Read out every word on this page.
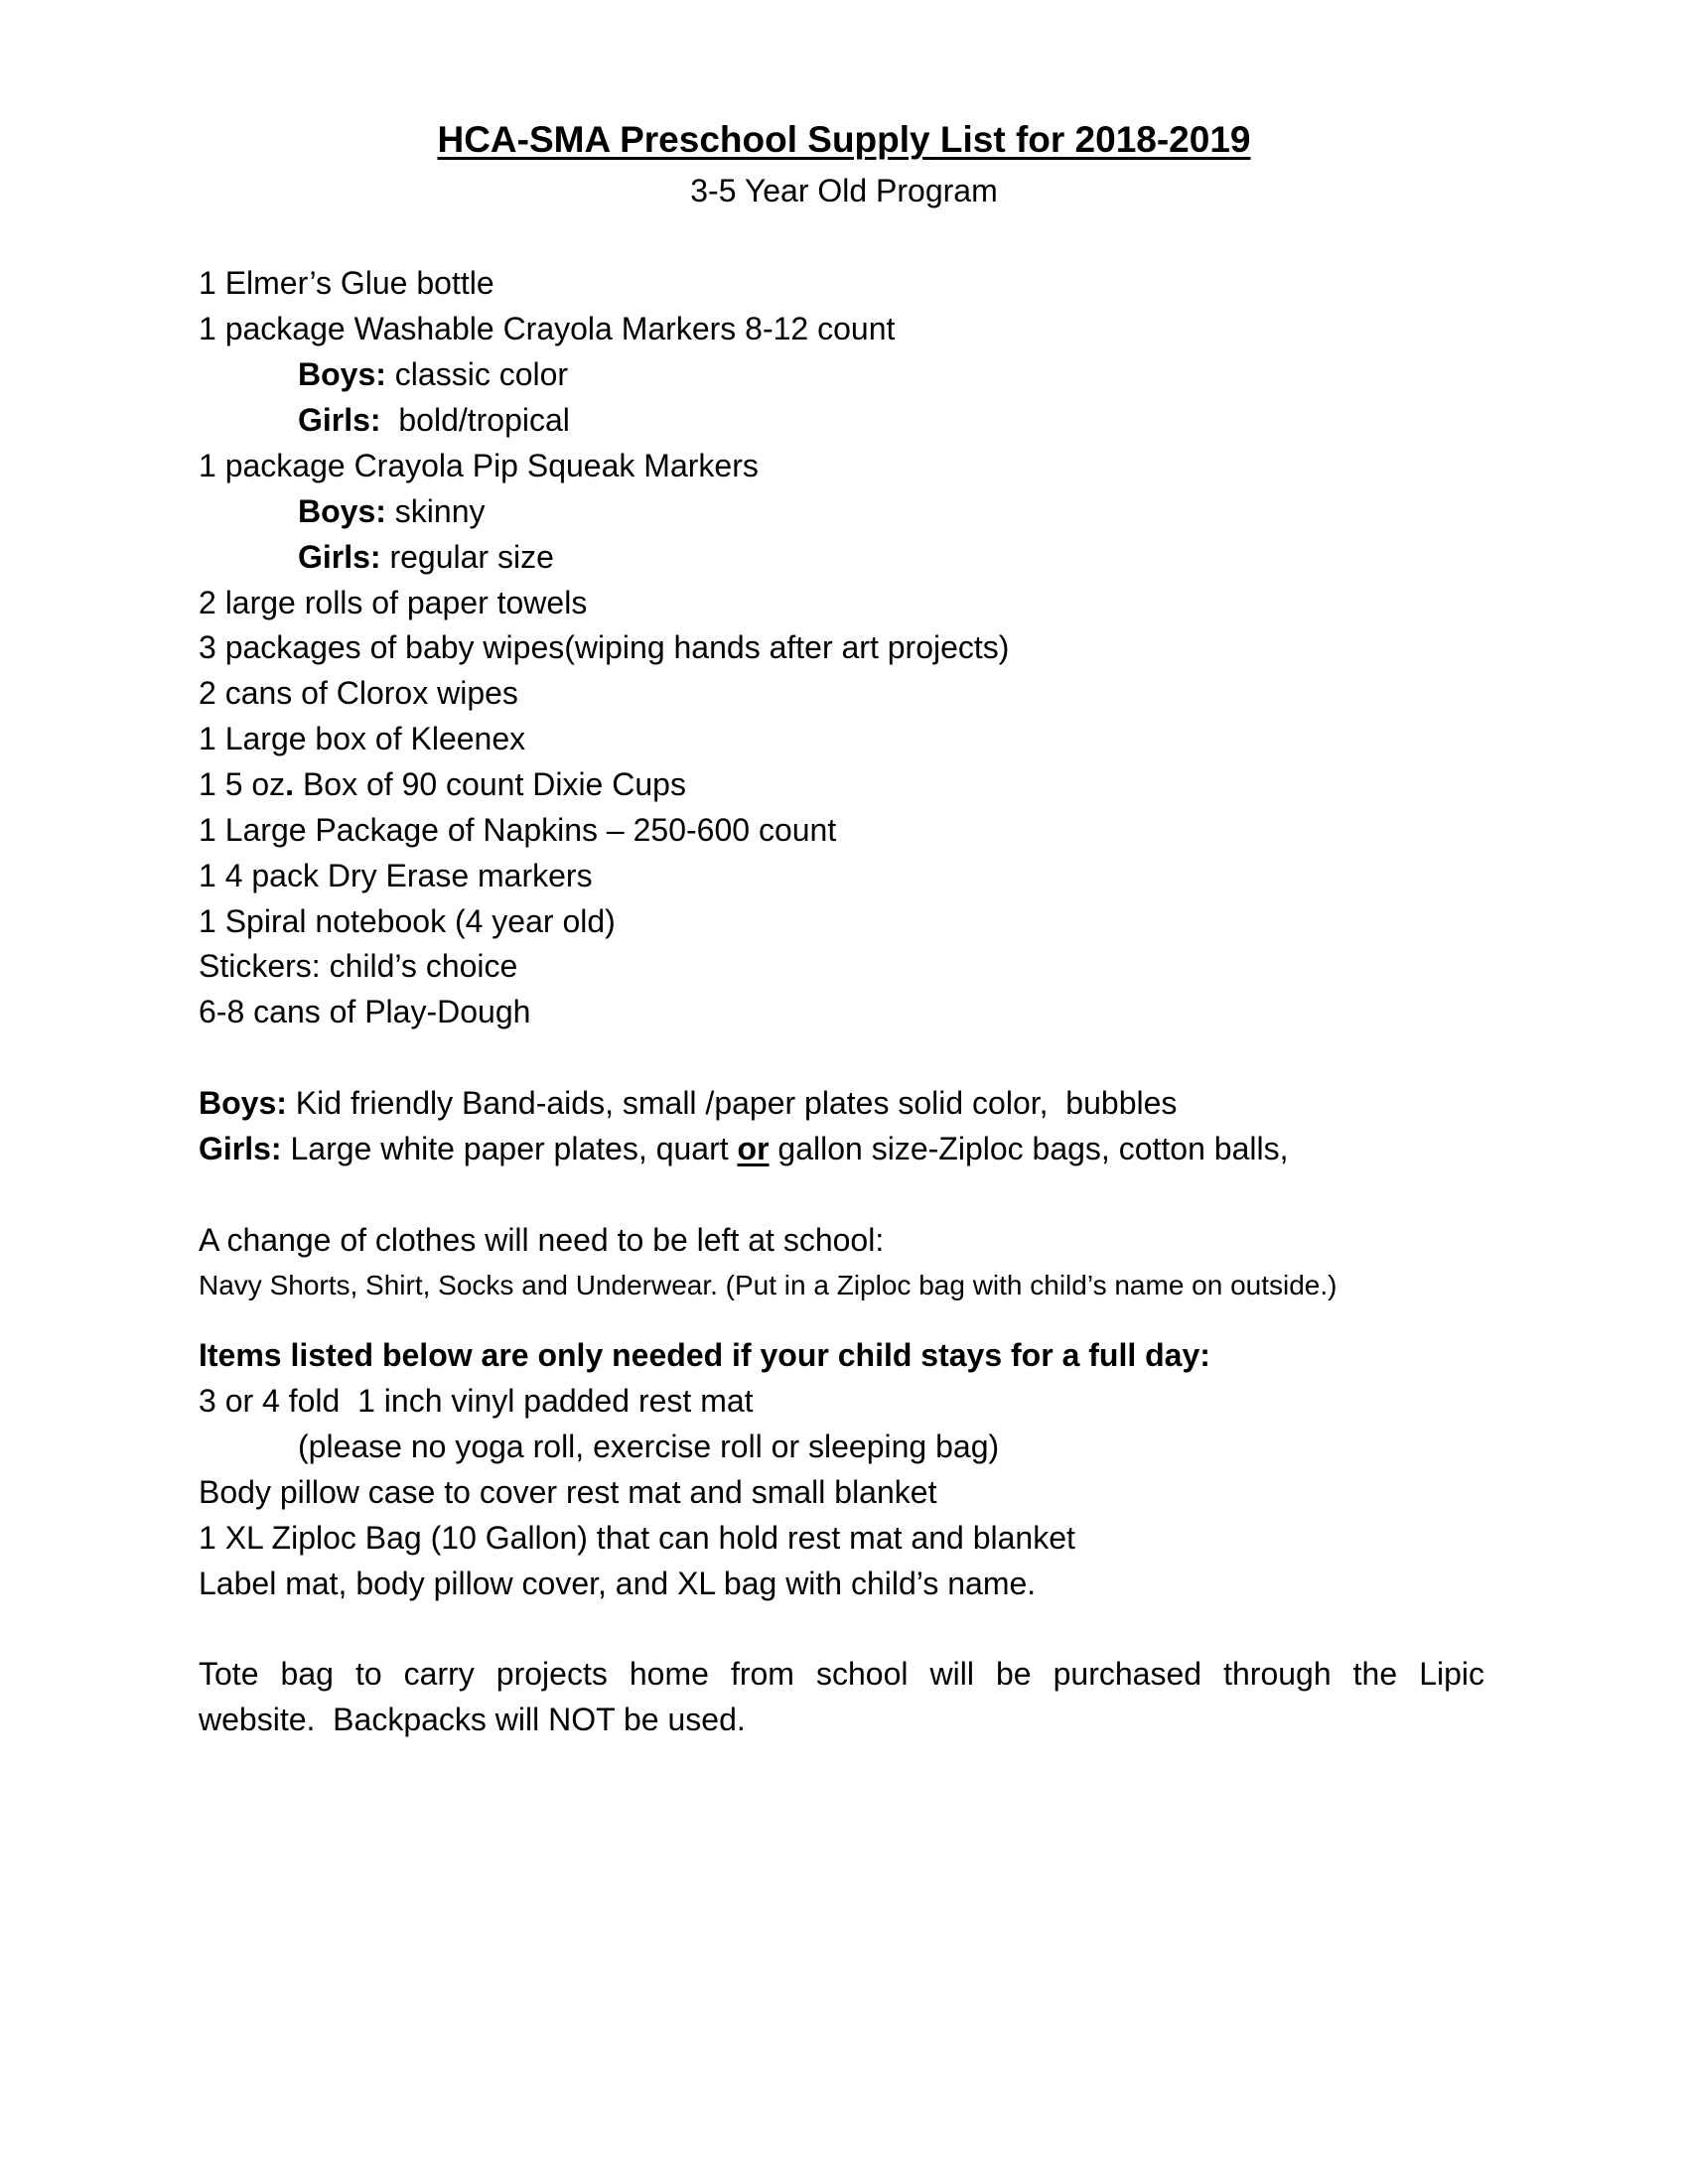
HCA-SMA Preschool Supply List for 2018-2019
3-5 Year Old Program
1 Elmer’s Glue bottle
1 package Washable Crayola Markers 8-12 count
Boys: classic color
Girls:  bold/tropical
1 package Crayola Pip Squeak Markers
Boys: skinny
Girls: regular size
2 large rolls of paper towels
3 packages of baby wipes(wiping hands after art projects)
2 cans of Clorox wipes
1 Large box of Kleenex
1 5 oz. Box of 90 count Dixie Cups
1 Large Package of Napkins – 250-600 count
1 4 pack Dry Erase markers
1 Spiral notebook (4 year old)
Stickers: child’s choice
6-8 cans of Play-Dough
Boys: Kid friendly Band-aids, small /paper plates solid color,  bubbles
Girls: Large white paper plates, quart or gallon size-Ziploc bags, cotton balls,
A change of clothes will need to be left at school:
Navy Shorts, Shirt, Socks and Underwear. (Put in a Ziploc bag with child’s name on outside.)
Items listed below are only needed if your child stays for a full day:
3 or 4 fold  1 inch vinyl padded rest mat
(please no yoga roll, exercise roll or sleeping bag)
Body pillow case to cover rest mat and small blanket
1 XL Ziploc Bag (10 Gallon) that can hold rest mat and blanket
Label mat, body pillow cover, and XL bag with child’s name.
Tote bag to carry projects home from school will be purchased through the Lipic
website.  Backpacks will NOT be used.
